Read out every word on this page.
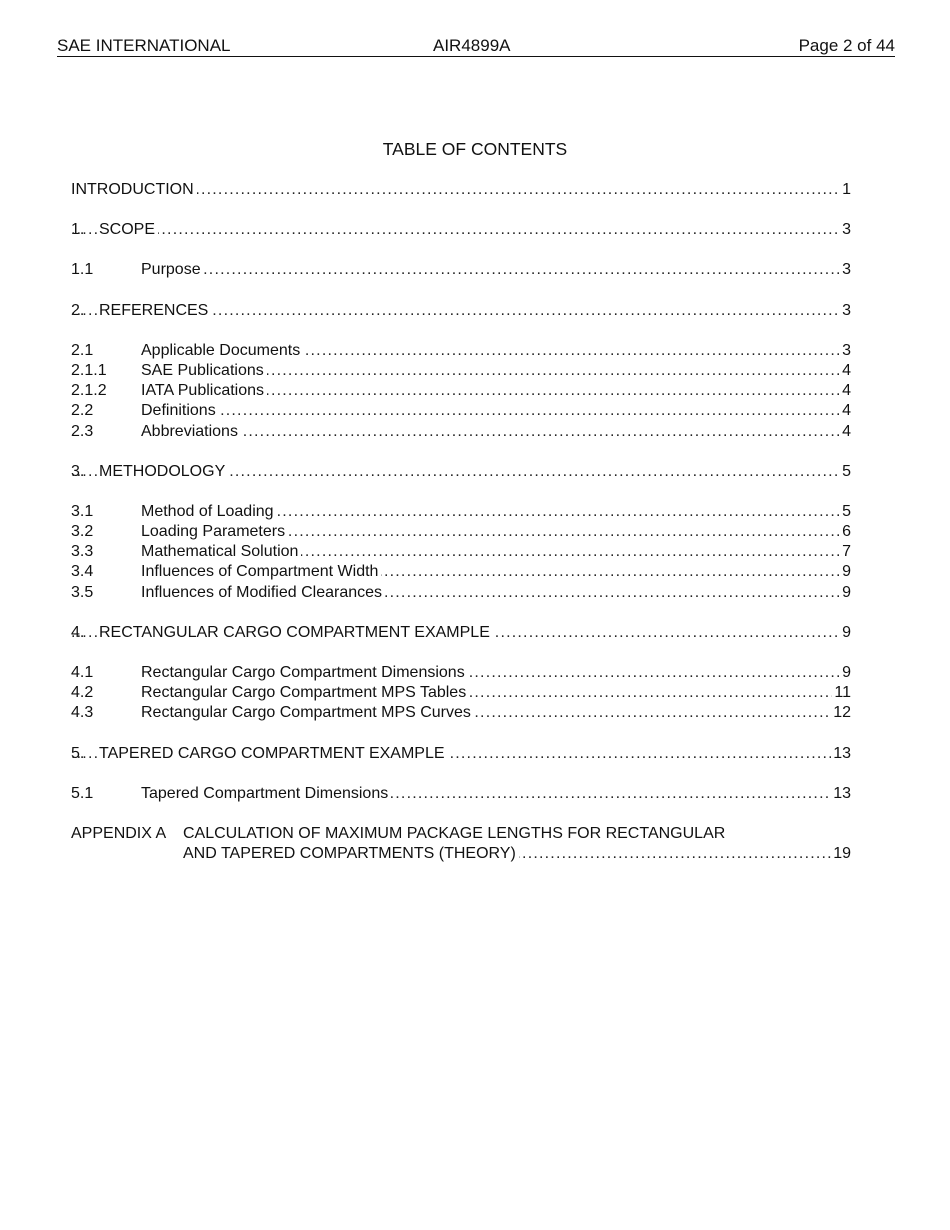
SAE INTERNATIONAL	AIR4899A	Page 2 of 44
TABLE OF CONTENTS
. . .
INTRODUCTION	1
1. . . . SCOPE	3
1.1 . . .	Purpose	3
2. . . . REFERENCES	3
2.1 . . .	Applicable Documents	3
2.1.1 . . . SAE Publications	4
2.1.2 . . . IATA Publications	4
2.2 . . .	Definitions	4
2.3 . . .	Abbreviations	4
3. . . . METHODOLOGY	5
3.1 . . .	Method of Loading	5
3.2 . . .	Loading Parameters	6
3.3 . . .	Mathematical Solution	7
3.4 . . .	Influences of Compartment Width	9
3.5 . . .	Influences of Modified Clearances	9
4. . . . RECTANGULAR CARGO COMPARTMENT EXAMPLE	9
4.1 . . .	Rectangular Cargo Compartment Dimensions	9
4.2 . . .	Rectangular Cargo Compartment MPS Tables	11
4.3 . . .	Rectangular Cargo Compartment MPS Curves	12
5. . . . TAPERED CARGO COMPARTMENT EXAMPLE	13
5.1 . . .	Tapered Compartment Dimensions	13
APPENDIX A CALCULATION OF MAXIMUM PACKAGE LENGTHS FOR RECTANGULAR
. . .
AND TAPERED COMPARTMENTS (THEORY)	19
